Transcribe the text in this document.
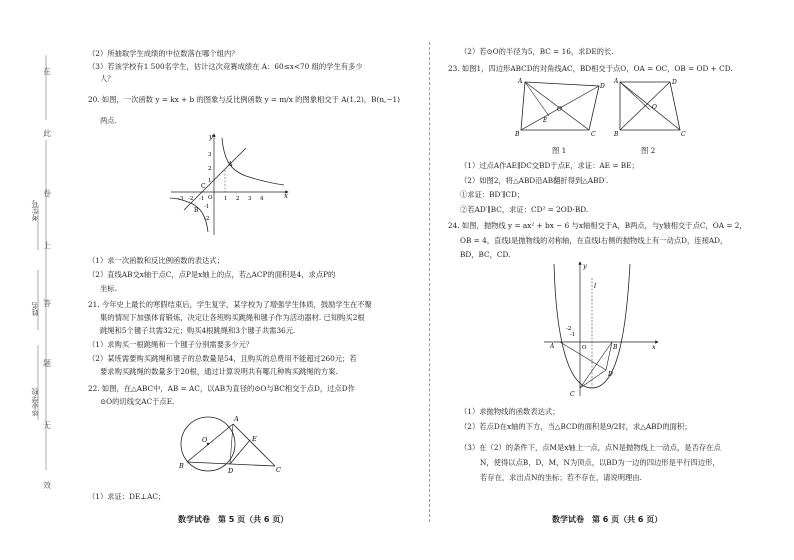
在
此
卷
上
答
题
无
效
考生号
姓名
毕业学校
（2）所抽取学生成绩的中位数落在哪个组内？
（3）若该学校有1 500名学生，估计这次竞赛成绩在 A：60≤x<70 组的学生有多少
人？
20. 如图，一次函数 y = kx + b 的图象与反比例函数 y = m/x 的图象相交于 A(1,2)，B(n,−1)
两点.
y
x
A
B
C
O
-3 -2 -1	1 2 3 4
3
2
1
-1
-2
（1）求一次函数和反比例函数的表达式；
（2）直线AB交x轴于点C，点P是x轴上的点，若△ACP的面积是4，求点P的
坐标.
21. 今年史上最长的寒假结束后，学生复学，某学校为了增强学生体质，鼓励学生在不聚
集的情况下加强体育锻炼，决定让各班购买跳绳和毽子作为活动器材. 已知购买2根
跳绳和5个毽子共需32元；购买4根跳绳和3个毽子共需36元.
（1）求购买一根跳绳和一个毽子分别需要多少元？
（2）某班需要购买跳绳和毽子的总数量是54，且购买的总费用不能超过260元；若
要求购买跳绳的数量多于20根，通过计算说明共有哪几种购买跳绳的方案.
22. 如图，在△ABC中，AB = AC，以AB为直径的⊙O与BC相交于点D，过点D作
⊙O的切线交AC于点E.
A
B	C
D
E
O
（1）求证：DE⊥AC；
数学试卷　第 5 页（共 6 页）
（2）若⊙O的半径为5，BC = 16，求DE的长.
23. 如图1，四边形ABCD的对角线AC，BD相交于点O，OA = OC，OB = OD + CD.
A
B	C
D
E
O
A
B	C
D
O
图 1	图 2
（1）过点A作AE∥DC交BD于点E，求证：AE = BE；
（2）如图2，将△ABD沿AB翻折得到△ABD′.
①求证：BD′∥CD；
②若AD′∥BC，求证：CD² = 2OD·BD.
24. 如图，抛物线 y = ax² + bx − 6 与x轴相交于A，B两点，与y轴相交于点C，OA = 2，
OB = 4，直线l是抛物线的对称轴，在直线l右侧的抛物线上有一动点D，连接AD，
BD，BC，CD.
y
x
l
A	B
C
D
O
-1
-2
（1）求抛物线的函数表达式；
（2）若点D在x轴的下方，当△BCD的面积是9/2时，求△ABD的面积；
（3）在（2）的条件下，点M是x轴上一点，点N是抛物线上一动点，是否存在点
N，使得以点B，D，M，N为顶点，以BD为一边的四边形是平行四边形，
若存在，求出点N的坐标；若不存在，请说明理由.
数学试卷　第 6 页（共 6 页）
